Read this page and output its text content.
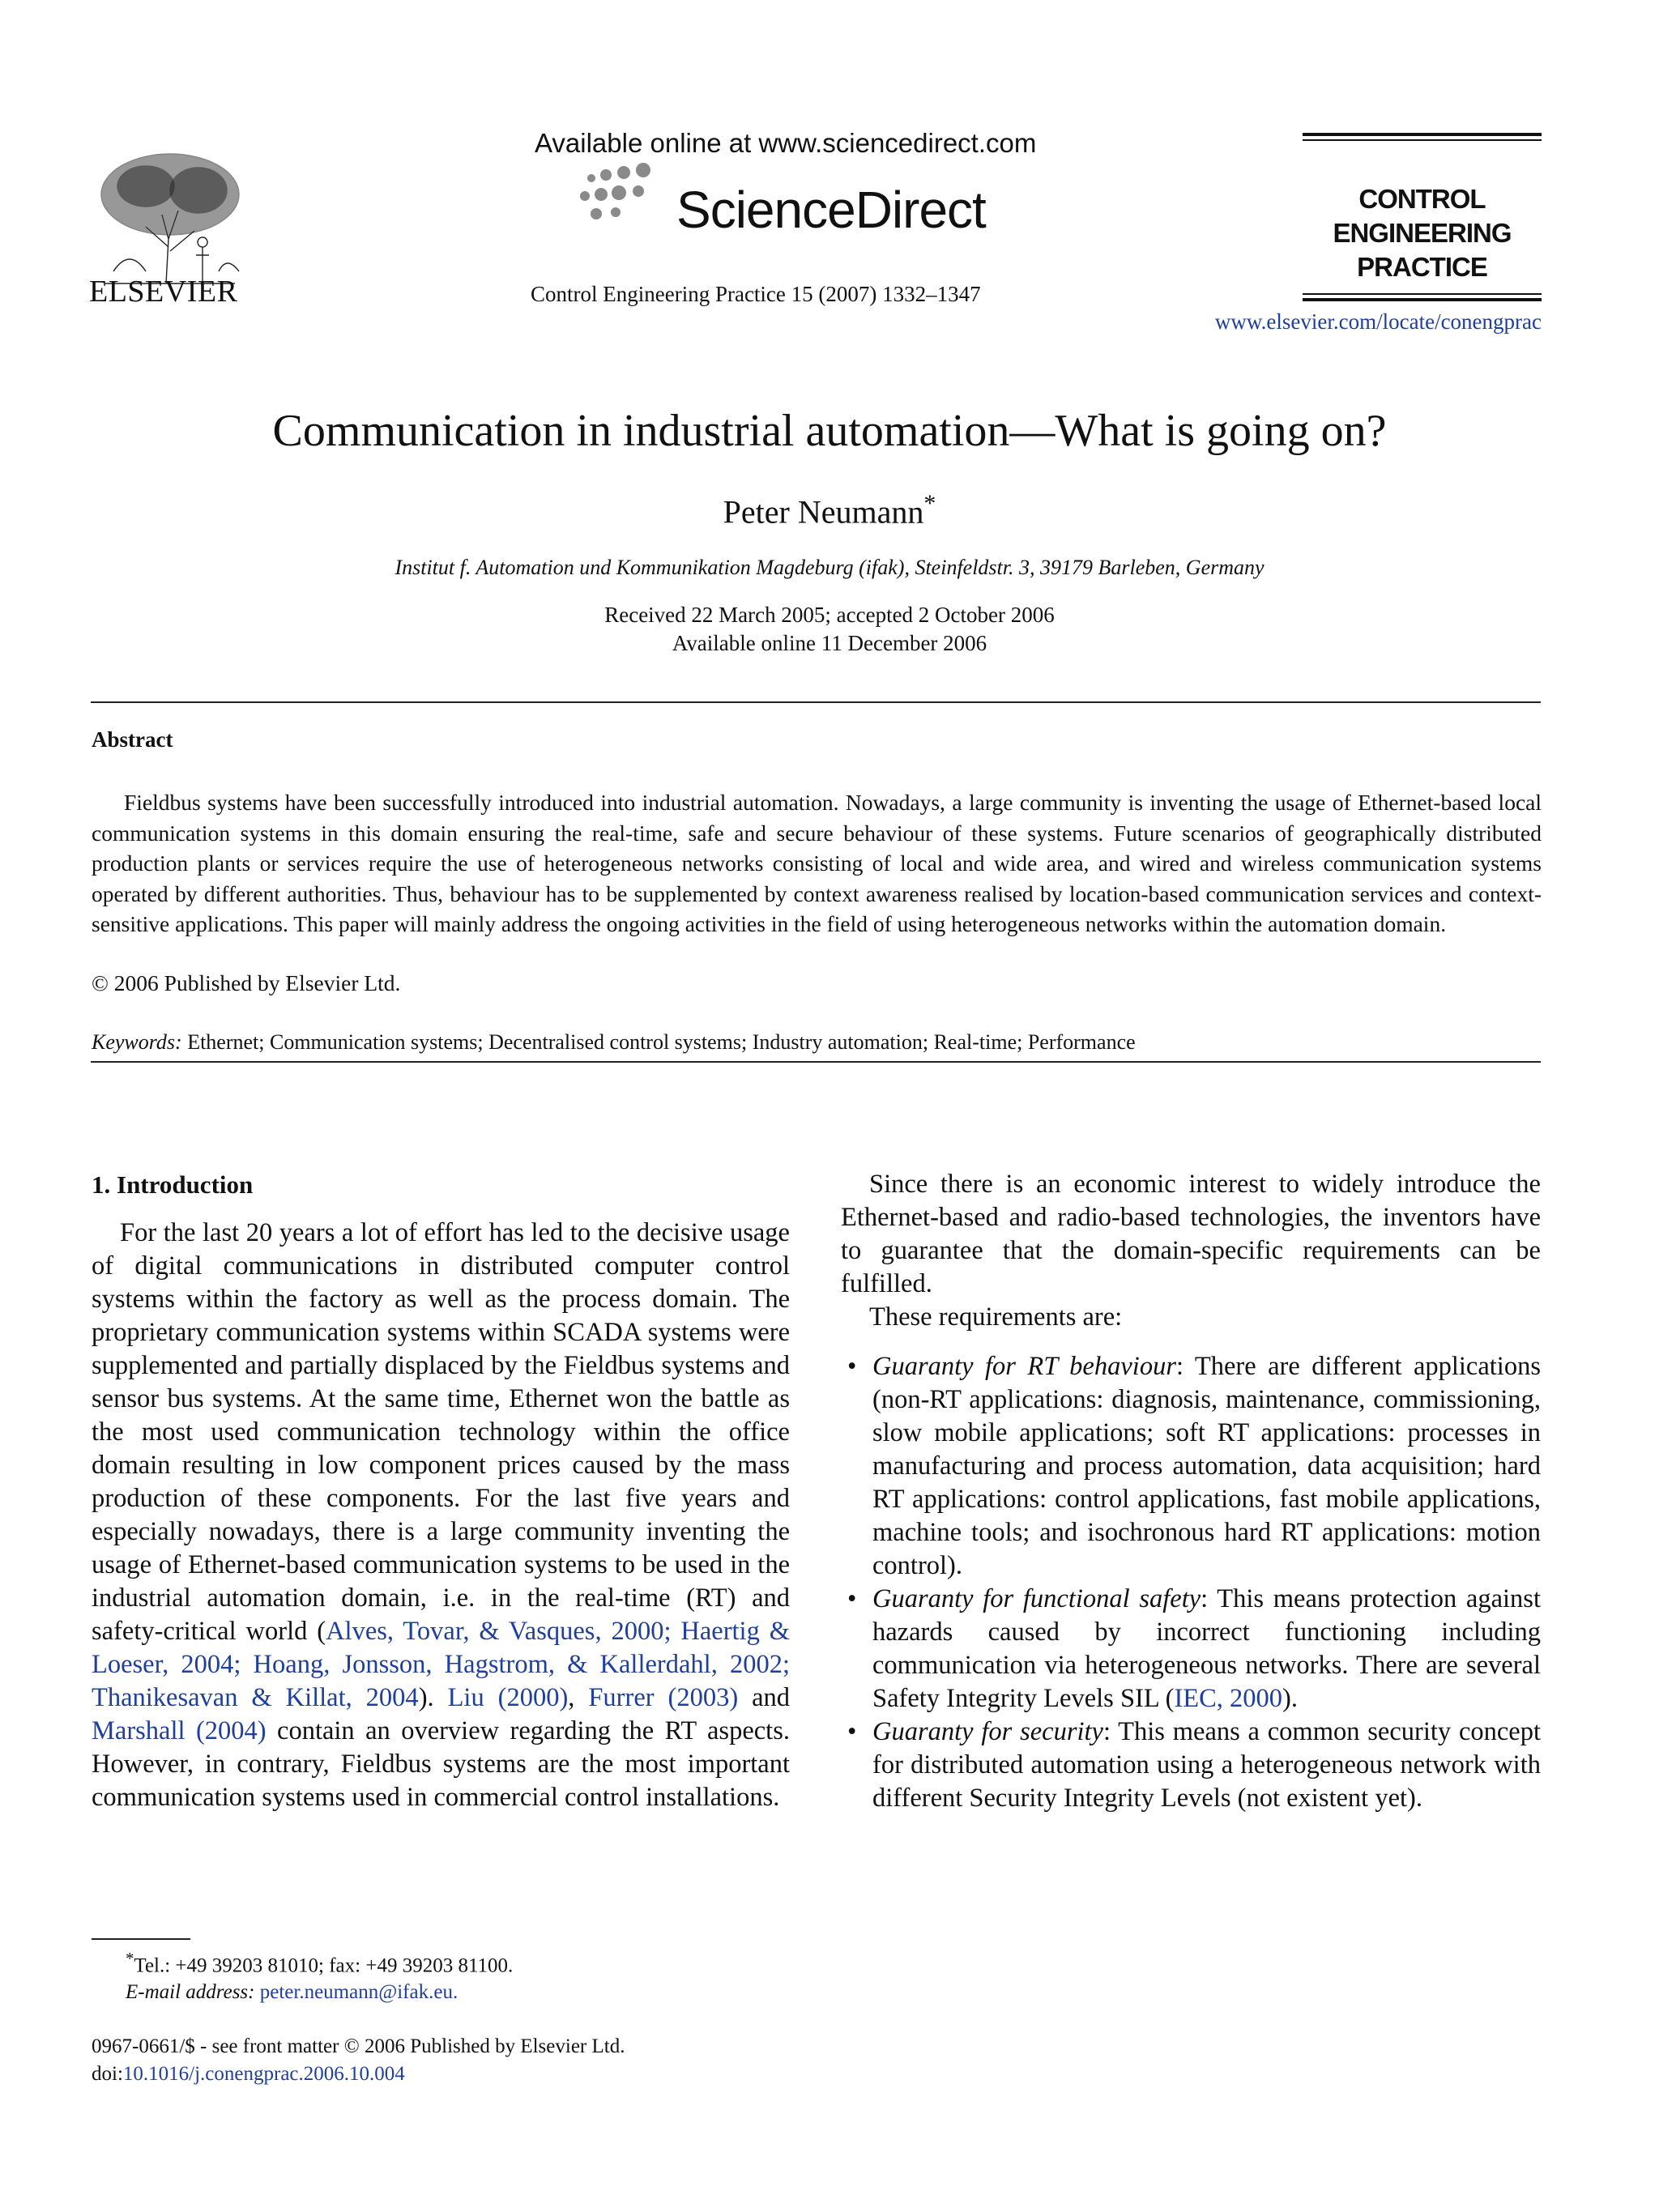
ELSEVIER
Available online at www.sciencedirect.com
ScienceDirect
Control Engineering Practice 15 (2007) 1332–1347
CONTROL ENGINEERING
PRACTICE
www.elsevier.com/locate/conengprac
Communication in industrial automation—What is going on?
Peter Neumann*
Institut f. Automation und Kommunikation Magdeburg (ifak), Steinfeldstr. 3, 39179 Barleben, Germany
Received 22 March 2005; accepted 2 October 2006
Available online 11 December 2006
Abstract

Fieldbus systems have been successfully introduced into industrial automation. Nowadays, a large community is inventing the usage of Ethernet-based local communication systems in this domain ensuring the real-time, safe and secure behaviour of these systems. Future scenarios of geographically distributed production plants or services require the use of heterogeneous networks consisting of local and wide area, and wired and wireless communication systems operated by different authorities. Thus, behaviour has to be supplemented by context awareness realised by location-based communication services and context-sensitive applications. This paper will mainly address the ongoing activities in the field of using heterogeneous networks within the automation domain.

© 2006 Published by Elsevier Ltd.
Keywords: Ethernet; Communication systems; Decentralised control systems; Industry automation; Real-time; Performance

1. Introduction

For the last 20 years a lot of effort has led to the decisive usage of digital communications in distributed computer control systems within the factory as well as the process domain. The proprietary communication systems within SCADA systems were supplemented and partially displaced by the Fieldbus systems and sensor bus systems. At the same time, Ethernet won the battle as the most used communication technology within the office domain resulting in low component prices caused by the mass production of these components. For the last five years and especially nowadays, there is a large community inventing the usage of Ethernet-based communication systems to be used in the industrial automation domain, i.e. in the real-time (RT) and safety-critical world (Alves, Tovar, & Vasques, 2000; Haertig & Loeser, 2004; Hoang, Jonsson, Hagstrom, & Kallerdahl, 2002; Thanikesavan & Killat, 2004). Liu (2000), Furrer (2003) and Marshall (2004) contain an overview regarding the RT aspects. However, in contrary, Fieldbus systems are the most important communication systems used in commercial control installations.

Since there is an economic interest to widely introduce the Ethernet-based and radio-based technologies, the inventors have to guarantee that the domain-specific requirements can be fulfilled.

These requirements are:

• Guaranty for RT behaviour: There are different applications (non-RT applications: diagnosis, maintenance, commissioning, slow mobile applications; soft RT applications: processes in manufacturing and process automation, data acquisition; hard RT applications: control applications, fast mobile applications, machine tools; and isochronous hard RT applications: motion control).

• Guaranty for functional safety: This means protection against hazards caused by incorrect functioning including communication via heterogeneous networks. There are several Safety Integrity Levels SIL (IEC, 2000).

• Guaranty for security: This means a common security concept for distributed automation using a heterogeneous network with different Security Integrity Levels (not existent yet).

*Tel.: +49 39203 81010; fax: +49 39203 81100.
E-mail address: peter.neumann@ifak.eu.
0967-0661/$ - see front matter © 2006 Published by Elsevier Ltd.
doi:10.1016/j.conengprac.2006.10.004
